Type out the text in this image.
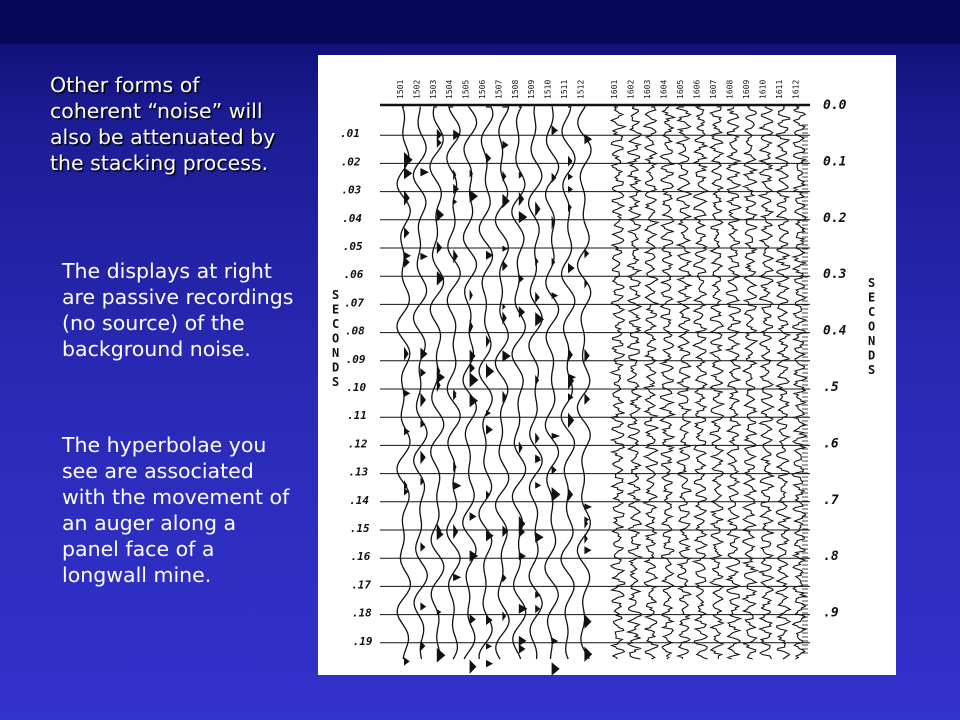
Other forms of coherent “noise” will also be attenuated by the stacking process.

The displays at right are passive recordings (no source) of the background noise.

The hyperbolae you see are associated with the movement of an auger along a panel face of a longwall mine.

1501 1502 1503 1504 1505 1506 1507 1508 1509 1510 1511 1512	1601 1602 1603 1604 1605 1606 1607 1608 1609 1610 1611 1612
.01
.02
.03
.04
.05
.06
.07
.08
.09
.10
.11
.12
.13
.14
.15
.16
.17
.18
.19
0.0
0.1
0.2
0.3
0.4
.5
.6
.7
.8
.9
S
E
C
O
N
D
S
S
E
C
O
N
D
S
